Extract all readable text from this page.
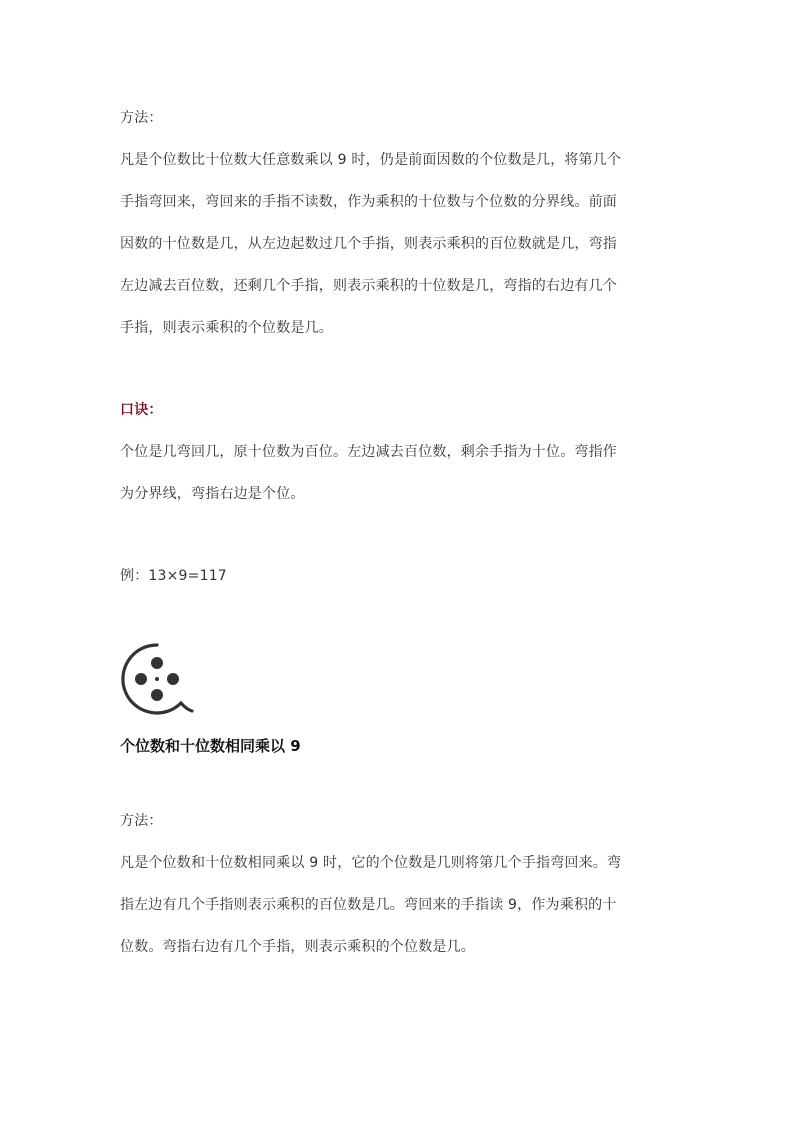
方法：
凡是个位数比十位数大任意数乘以 9 时，仍是前面因数的个位数是几，将第几个
手指弯回来，弯回来的手指不读数，作为乘积的十位数与个位数的分界线。前面
因数的十位数是几，从左边起数过几个手指，则表示乘积的百位数就是几，弯指
左边减去百位数，还剩几个手指，则表示乘积的十位数是几，弯指的右边有几个
手指，则表示乘积的个位数是几。
口诀：
个位是几弯回几，原十位数为百位。左边减去百位数，剩余手指为十位。弯指作
为分界线，弯指右边是个位。
例：13×9=117
个位数和十位数相同乘以 9
方法：
凡是个位数和十位数相同乘以 9 时，它的个位数是几则将第几个手指弯回来。弯
指左边有几个手指则表示乘积的百位数是几。弯回来的手指读 9，作为乘积的十
位数。弯指右边有几个手指，则表示乘积的个位数是几。
